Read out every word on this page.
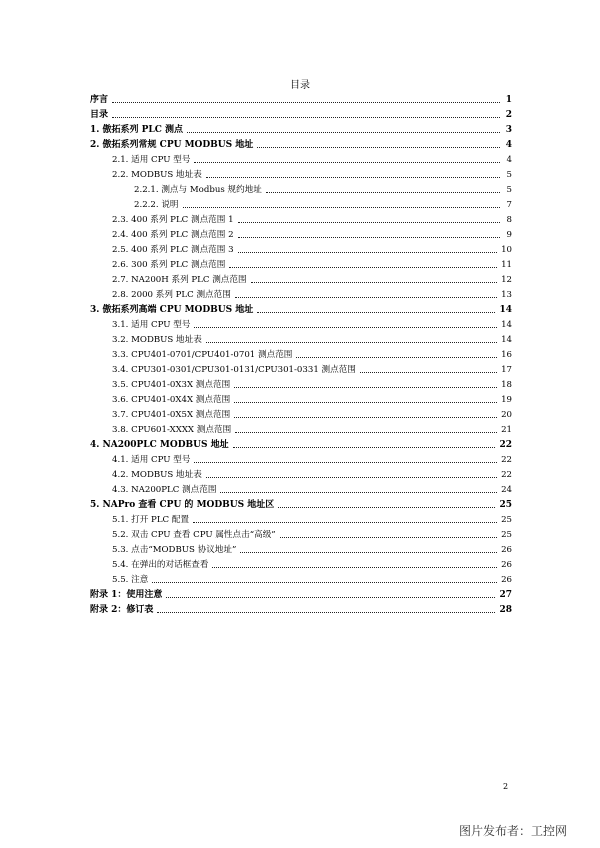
目录
序言	1
目录	2
1. 傲拓系列 PLC 测点	3
2. 傲拓系列常规 CPU MODBUS 地址	4
2.1. 适用 CPU 型号	4
2.2. MODBUS 地址表	5
2.2.1. 测点与 Modbus 规约地址	5
2.2.2. 说明	7
2.3. 400 系列 PLC 测点范围 1	8
2.4. 400 系列 PLC 测点范围 2	9
2.5. 400 系列 PLC 测点范围 3	10
2.6. 300 系列 PLC 测点范围	11
2.7. NA200H 系列 PLC 测点范围	12
2.8. 2000 系列 PLC 测点范围	13
3. 傲拓系列高端 CPU MODBUS 地址	14
3.1. 适用 CPU 型号	14
3.2. MODBUS 地址表	14
3.3. CPU401-0701/CPU401-0701 测点范围	16
3.4. CPU301-0301/CPU301-0131/CPU301-0331 测点范围	17
3.5. CPU401-0X3X 测点范围	18
3.6. CPU401-0X4X 测点范围	19
3.7. CPU401-0X5X 测点范围	20
3.8. CPU601-XXXX 测点范围	21
4. NA200PLC MODBUS 地址	22
4.1. 适用 CPU 型号	22
4.2. MODBUS 地址表	22
4.3. NA200PLC 测点范围	24
5. NAPro 查看 CPU 的 MODBUS 地址区	25
5.1. 打开 PLC 配置	25
5.2. 双击 CPU 查看 CPU 属性点击“高级”	25
5.3. 点击“MODBUS 协议地址”	26
5.4. 在弹出的对话框查看	26
5.5. 注意	26
附录 1：使用注意	27
附录 2：修订表	28
2
图片发布者：工控网
